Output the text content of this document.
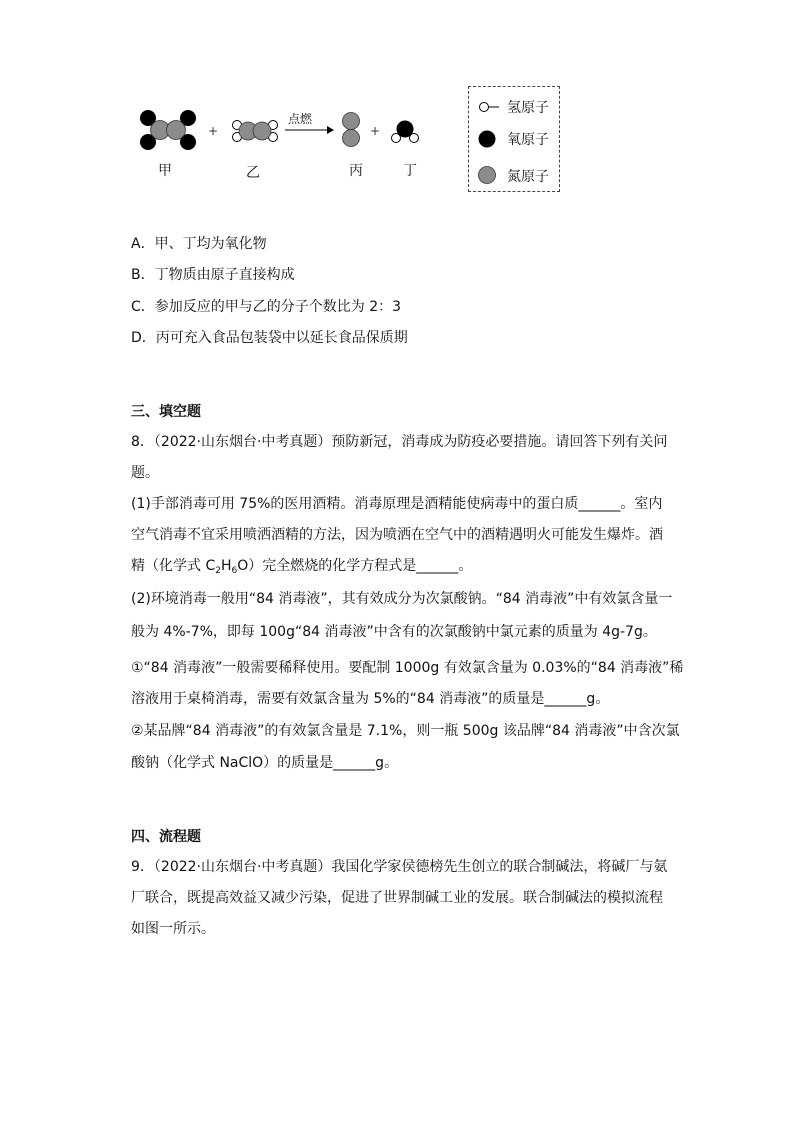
+	+
点燃
甲	乙	丙	丁
氢原子
氧原子
氮原子
A．甲、丁均为氧化物
B．丁物质由原子直接构成
C．参加反应的甲与乙的分子个数比为 2：3
D．丙可充入食品包装袋中以延长食品保质期
三、填空题
8．（2022·山东烟台·中考真题）预防新冠，消毒成为防疫必要措施。请回答下列有关问
题。
(1)手部消毒可用 75%的医用酒精。消毒原理是酒精能使病毒中的蛋白质______。室内
空气消毒不宜采用喷洒酒精的方法，因为喷洒在空气中的酒精遇明火可能发生爆炸。酒
精（化学式 $C_2H_6O$）完全燃烧的化学方程式是______。
(2)环境消毒一般用“84 消毒液”，其有效成分为次氯酸钠。“84 消毒液”中有效氯含量一
般为 4%-7%，即每 100g“84 消毒液”中含有的次氯酸钠中氯元素的质量为 4g-7g。
①“84 消毒液”一般需要稀释使用。要配制 1000g 有效氯含量为 0.03%的“84 消毒液”稀
溶液用于桌椅消毒，需要有效氯含量为 5%的“84 消毒液”的质量是______g。
②某品牌“84 消毒液”的有效氯含量是 7.1%，则一瓶 500g 该品牌“84 消毒液”中含次氯
酸钠（化学式 NaClO）的质量是______g。
四、流程题
9．（2022·山东烟台·中考真题）我国化学家侯德榜先生创立的联合制碱法，将碱厂与氨
厂联合，既提高效益又减少污染，促进了世界制碱工业的发展。联合制碱法的模拟流程
如图一所示。
